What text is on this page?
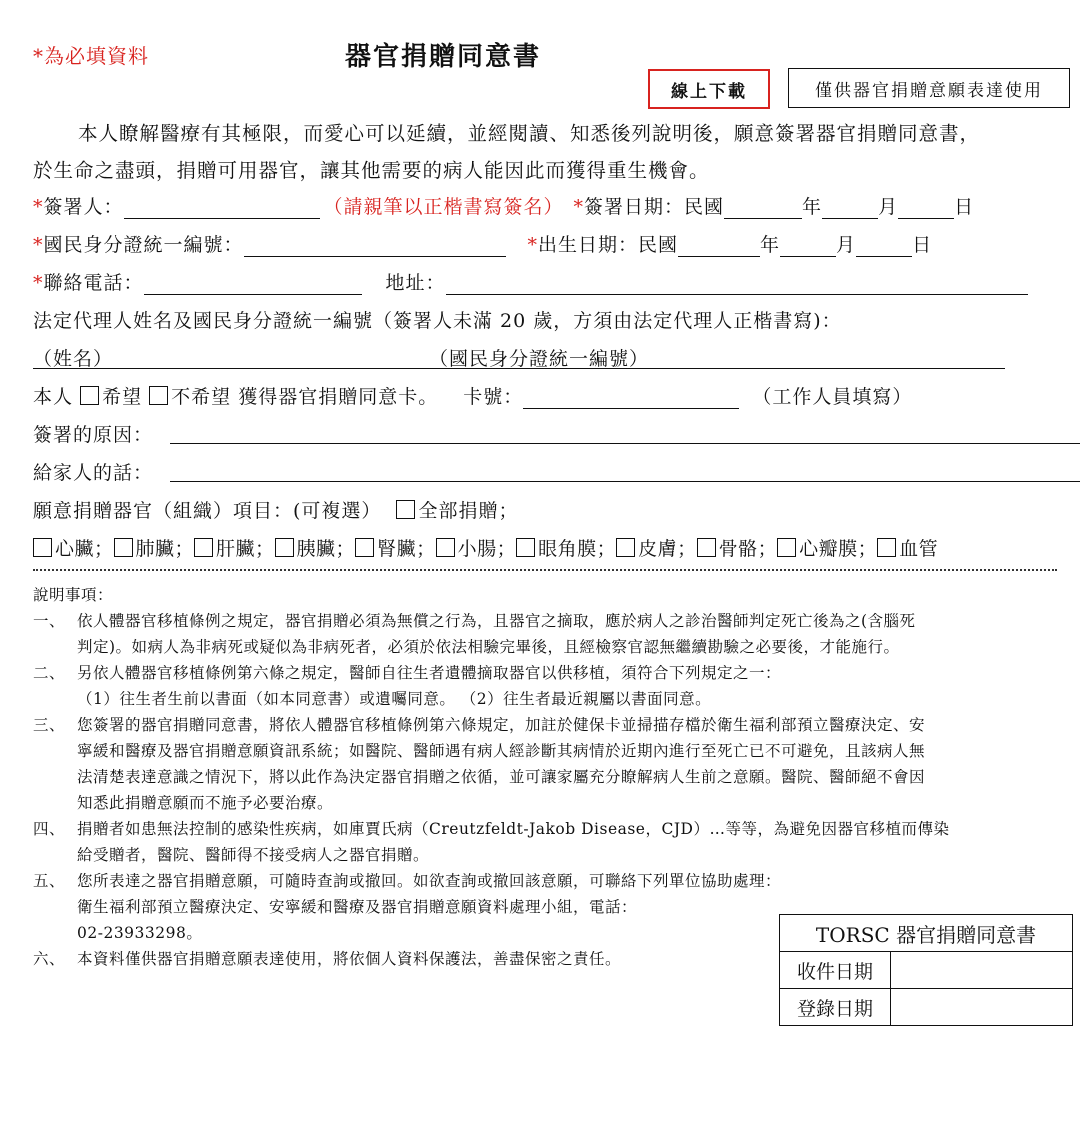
*為必填資料	器官捐贈同意書
線上下載	僅供器官捐贈意願表達使用
本人瞭解醫療有其極限，而愛心可以延續，並經閱讀、知悉後列說明後，願意簽署器官捐贈同意書，
於生命之盡頭，捐贈可用器官，讓其他需要的病人能因此而獲得重生機會。
*簽署人：	（請親筆以正楷書寫簽名） *簽署日期：民國	年	月	日
*國民身分證統一編號：	*出生日期：民國	年	月	日
*聯絡電話：	地址：
法定代理人姓名及國民身分證統一編號（簽署人未滿 20 歲，方須由法定代理人正楷書寫)：
（姓名）	（國民身分證統一編號）
本人 希望 不希望 獲得器官捐贈同意卡。 卡號：	（工作人員填寫）
簽署的原因：
給家人的話：
願意捐贈器官（組織）項目：(可複選） 全部捐贈；
心臟； 肺臟； 肝臟； 胰臟； 腎臟； 小腸； 眼角膜； 皮膚； 骨骼； 心瓣膜； 血管
說明事項：
一、 依人體器官移植條例之規定，器官捐贈必須為無償之行為，且器官之摘取，應於病人之診治醫師判定死亡後為之(含腦死
判定)。如病人為非病死或疑似為非病死者，必須於依法相驗完畢後，且經檢察官認無繼續勘驗之必要後，才能施行。
二、 另依人體器官移植條例第六條之規定，醫師自往生者遺體摘取器官以供移植，須符合下列規定之一：
（1）往生者生前以書面（如本同意書）或遺囑同意。 （2）往生者最近親屬以書面同意。
三、 您簽署的器官捐贈同意書，將依人體器官移植條例第六條規定，加註於健保卡並掃描存檔於衛生福利部預立醫療決定、安
寧緩和醫療及器官捐贈意願資訊系統；如醫院、醫師遇有病人經診斷其病情於近期內進行至死亡已不可避免，且該病人無
法清楚表達意識之情況下，將以此作為決定器官捐贈之依循，並可讓家屬充分瞭解病人生前之意願。醫院、醫師絕不會因
知悉此捐贈意願而不施予必要治療。
四、 捐贈者如患無法控制的感染性疾病，如庫賈氏病（Creutzfeldt-Jakob Disease，CJD）…等等，為避免因器官移植而傳染
給受贈者，醫院、醫師得不接受病人之器官捐贈。
五、 您所表達之器官捐贈意願，可隨時查詢或撤回。如欲查詢或撤回該意願，可聯絡下列單位協助處理：
衛生福利部預立醫療決定、安寧緩和醫療及器官捐贈意願資料處理小組，電話：
02-23933298。
六、 本資料僅供器官捐贈意願表達使用，將依個人資料保護法，善盡保密之責任。
TORSC 器官捐贈同意書	
收件日期	
登錄日期	
